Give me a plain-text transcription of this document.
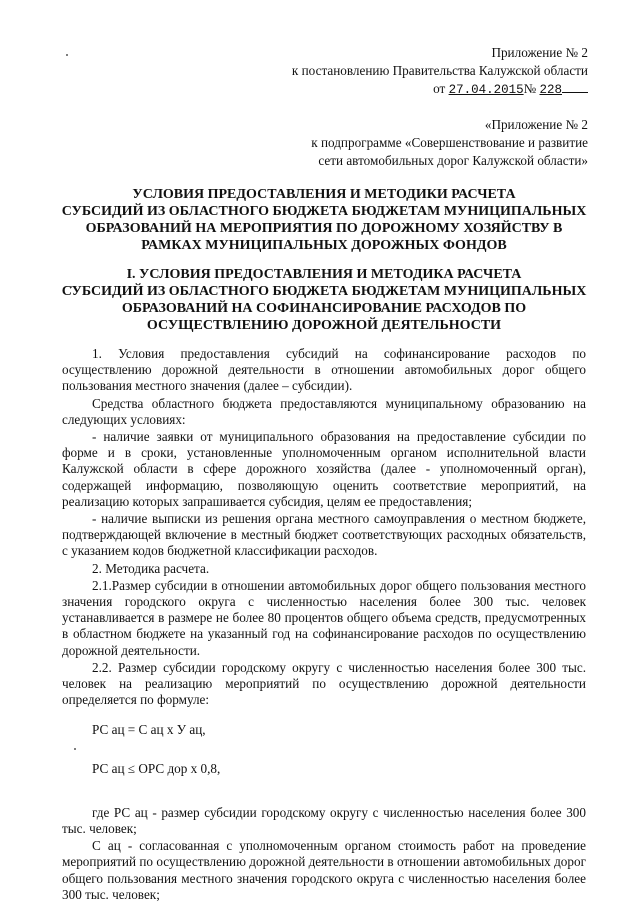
Приложение № 2
к постановлению Правительства Калужской области
от 27.04.2015№ 228
«Приложение № 2
к подпрограмме «Совершенствование и развитие
сети автомобильных дорог Калужской области»
УСЛОВИЯ ПРЕДОСТАВЛЕНИЯ И МЕТОДИКИ РАСЧЕТА
СУБСИДИЙ ИЗ ОБЛАСТНОГО БЮДЖЕТА БЮДЖЕТАМ МУНИЦИПАЛЬНЫХ
ОБРАЗОВАНИЙ НА МЕРОПРИЯТИЯ ПО ДОРОЖНОМУ ХОЗЯЙСТВУ В
РАМКАХ МУНИЦИПАЛЬНЫХ ДОРОЖНЫХ ФОНДОВ
I. УСЛОВИЯ ПРЕДОСТАВЛЕНИЯ И МЕТОДИКА РАСЧЕТА
СУБСИДИЙ ИЗ ОБЛАСТНОГО БЮДЖЕТА БЮДЖЕТАМ МУНИЦИПАЛЬНЫХ
ОБРАЗОВАНИЙ НА СОФИНАНСИРОВАНИЕ РАСХОДОВ ПО
ОСУЩЕСТВЛЕНИЮ ДОРОЖНОЙ ДЕЯТЕЛЬНОСТИ

1. Условия предоставления субсидий на софинансирование расходов по осуществлению дорожной деятельности в отношении автомобильных дорог общего пользования местного значения (далее – субсидии).

Средства областного бюджета предоставляются муниципальному образованию на следующих условиях:

- наличие заявки от муниципального образования на предоставление субсидии по форме и в сроки, установленные уполномоченным органом исполнительной власти Калужской области в сфере дорожного хозяйства (далее - уполномоченный орган), содержащей информацию, позволяющую оценить соответствие мероприятий, на реализацию которых запрашивается субсидия, целям ее предоставления;

- наличие выписки из решения органа местного самоуправления о местном бюджете, подтверждающей включение в местный бюджет соответствующих расходных обязательств, с указанием кодов бюджетной классификации расходов.

2. Методика расчета.

2.1.Размер субсидии в отношении автомобильных дорог общего пользования местного значения городского округа с численностью населения более 300 тыс. человек устанавливается в размере не более 80 процентов общего объема средств, предусмотренных в областном бюджете на указанный год на софинансирование расходов по осуществлению дорожной деятельности.

2.2. Размер субсидии городскому округу с численностью населения более 300 тыс. человек на реализацию мероприятий по осуществлению дорожной деятельности определяется по формуле:

РС ац = С ац х У ац,

РС ац ≤ ОРС дор х 0,8,

где РС ац - размер субсидии городскому округу с численностью населения более 300 тыс. человек;

С ац - согласованная с уполномоченным органом стоимость работ на проведение мероприятий по осуществлению дорожной деятельности в отношении автомобильных дорог общего пользования местного значения городского округа с численностью населения более 300 тыс. человек;
